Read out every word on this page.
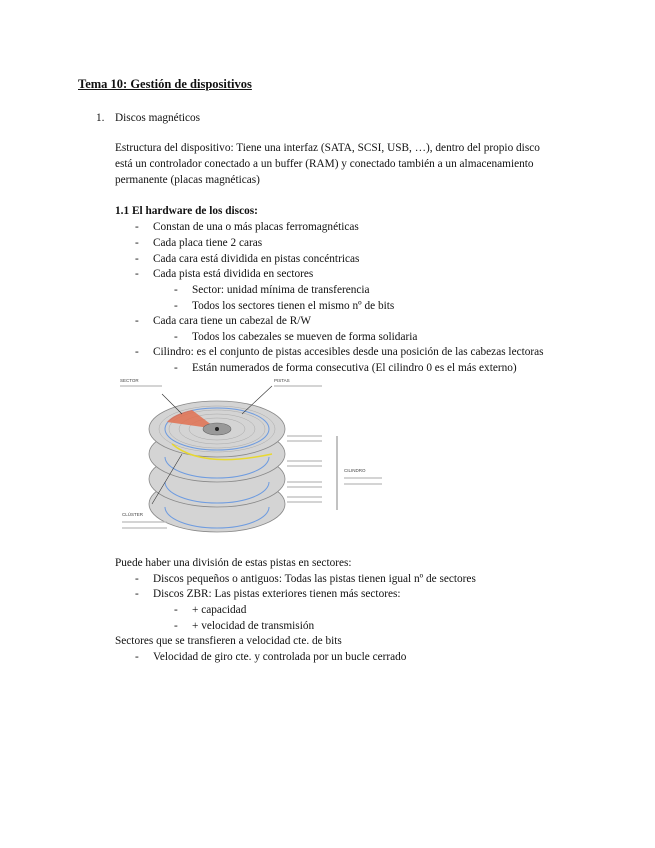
Tema 10: Gestión de dispositivos
1. Discos magnéticos
Estructura del dispositivo: Tiene una interfaz (SATA, SCSI, USB, …), dentro del propio disco
está un controlador conectado a un buffer (RAM) y conectado también a un almacenamiento
permanente (placas magnéticas)
1.1 El hardware de los discos:
- Constan de una o más placas ferromagnéticas
- Cada placa tiene 2 caras
- Cada cara está dividida en pistas concéntricas
- Cada pista está dividida en sectores
- Sector: unidad mínima de transferencia
- Todos los sectores tienen el mismo nº de bits
- Cada cara tiene un cabezal de R/W
- Todos los cabezales se mueven de forma solidaria
- Cilindro: es el conjunto de pistas accesibles desde una posición de las cabezas lectoras
- Están numerados de forma consecutiva (El cilindro 0 es el más externo)
SECTOR	PISTAS
CILINDRO
CLÚSTER
Puede haber una división de estas pistas en sectores:
- Discos pequeños o antiguos: Todas las pistas tienen igual nº de sectores
- Discos ZBR: Las pistas exteriores tienen más sectores:
- + capacidad
- + velocidad de transmisión
Sectores que se transfieren a velocidad cte. de bits
- Velocidad de giro cte. y controlada por un bucle cerrado
